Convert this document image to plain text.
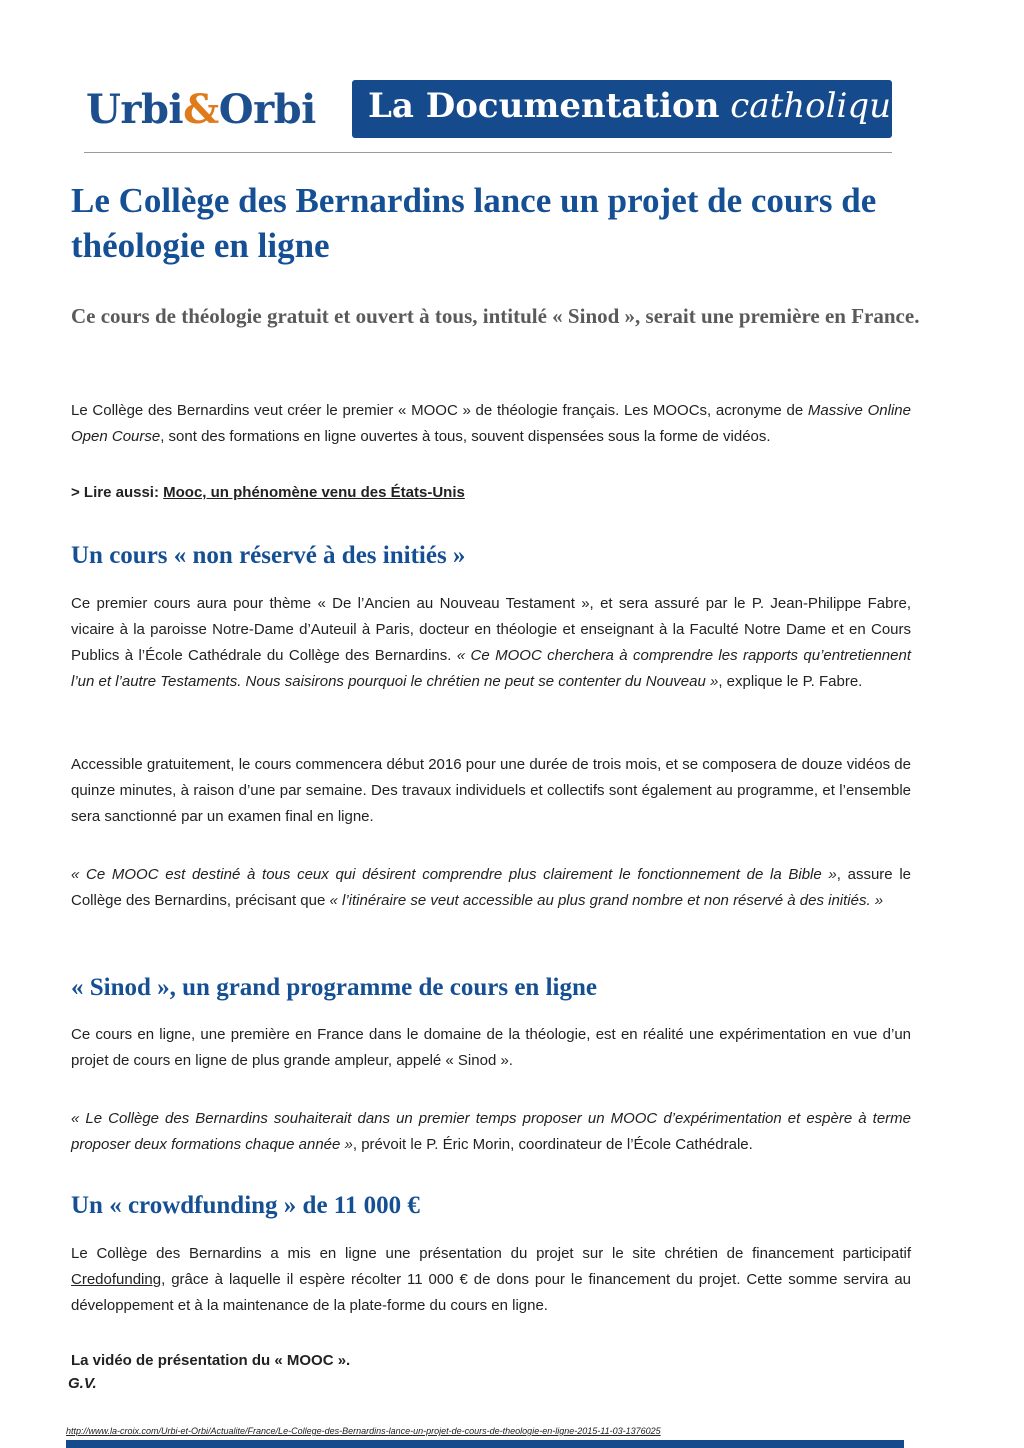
Urbi&Orbi	La Documentation catholique
Le Collège des Bernardins lance un projet de cours de théologie en ligne

Ce cours de théologie gratuit et ouvert à tous, intitulé « Sinod », serait une première en France.

Le Collège des Bernardins veut créer le premier « MOOC » de théologie français. Les MOOCs, acronyme de Massive Online Open Course, sont des formations en ligne ouvertes à tous, souvent dispensées sous la forme de vidéos.

> Lire aussi: Mooc, un phénomène venu des États-Unis

Un cours « non réservé à des initiés »

Ce premier cours aura pour thème « De l’Ancien au Nouveau Testament », et sera assuré par le P. Jean-Philippe Fabre, vicaire à la paroisse Notre-Dame d’Auteuil à Paris, docteur en théologie et enseignant à la Faculté Notre Dame et en Cours Publics à l’École Cathédrale du Collège des Bernardins. « Ce MOOC cherchera à comprendre les rapports qu’entretiennent l’un et l’autre Testaments. Nous saisirons pourquoi le chrétien ne peut se contenter du Nouveau », explique le P. Fabre.

Accessible gratuitement, le cours commencera début 2016 pour une durée de trois mois, et se composera de douze vidéos de quinze minutes, à raison d’une par semaine. Des travaux individuels et collectifs sont également au programme, et l’ensemble sera sanctionné par un examen final en ligne.

« Ce MOOC est destiné à tous ceux qui désirent comprendre plus clairement le fonctionnement de la Bible », assure le Collège des Bernardins, précisant que « l’itinéraire se veut accessible au plus grand nombre et non réservé à des initiés. »

« Sinod », un grand programme de cours en ligne

Ce cours en ligne, une première en France dans le domaine de la théologie, est en réalité une expérimentation en vue d’un projet de cours en ligne de plus grande ampleur, appelé « Sinod ».

« Le Collège des Bernardins souhaiterait dans un premier temps proposer un MOOC d’expérimentation et espère à terme proposer deux formations chaque année », prévoit le P. Éric Morin, coordinateur de l’École Cathédrale.

Un « crowdfunding » de 11 000 €

Le Collège des Bernardins a mis en ligne une présentation du projet sur le site chrétien de financement participatif Credofunding, grâce à laquelle il espère récolter 11 000 € de dons pour le financement du projet. Cette somme servira au développement et à la maintenance de la plate-forme du cours en ligne.

La vidéo de présentation du « MOOC ».

G.V.

http://www.la-croix.com/Urbi-et-Orbi/Actualite/France/Le-College-des-Bernardins-lance-un-projet-de-cours-de-theologie-en-ligne-2015-11-03-1376025
